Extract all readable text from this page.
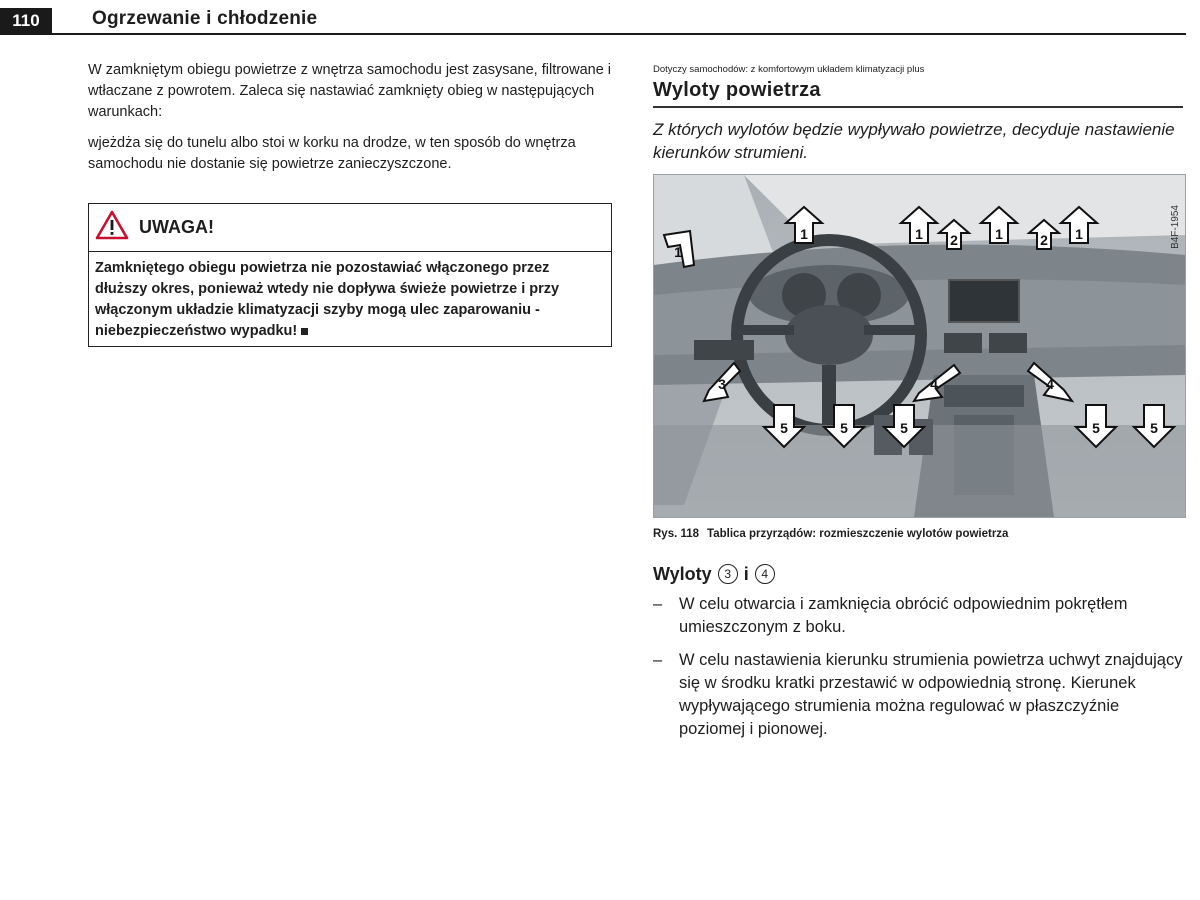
110	Ogrzewanie i chłodzenie

W zamkniętym obiegu powietrze z wnętrza samochodu jest zasysane, filtrowane i wtłaczane z powrotem. Zaleca się nastawiać zamknięty obieg w następujących warunkach:

wjeżdża się do tunelu albo stoi w korku na drodze, w ten sposób do wnętrza samochodu nie dostanie się powietrze zanieczyszczone.

UWAGA!
Zamkniętego obiegu powietrza nie pozostawiać włączonego przez dłuższy okres, ponieważ wtedy nie dopływa świeże powietrze i przy włączonym układzie klimatyzacji szyby mogą ulec zaparowaniu - niebezpieczeństwo wypadku!

Dotyczy samochodów: z komfortowym układem klimatyzacji plus

Wyloty powietrza

Z których wylotów będzie wypływało powietrze, decyduje nastawienie kierunków strumieni.

1	1 2	1	2 1
1
3	4	4
5	5	5	5	5
B4F-1954

Rys. 118 Tablica przyrządów: rozmieszczenie wylotów powietrza

Wyloty	3 i	4
–	W celu otwarcia i zamknięcia obrócić odpowiednim pokrętłem umieszczonym z boku.
–	W celu nastawienia kierunku strumienia powietrza uchwyt znajdujący się w środku kratki przestawić w odpowiednią stronę. Kierunek wypływającego strumienia można regulować w płaszczyźnie poziomej i pionowej.
